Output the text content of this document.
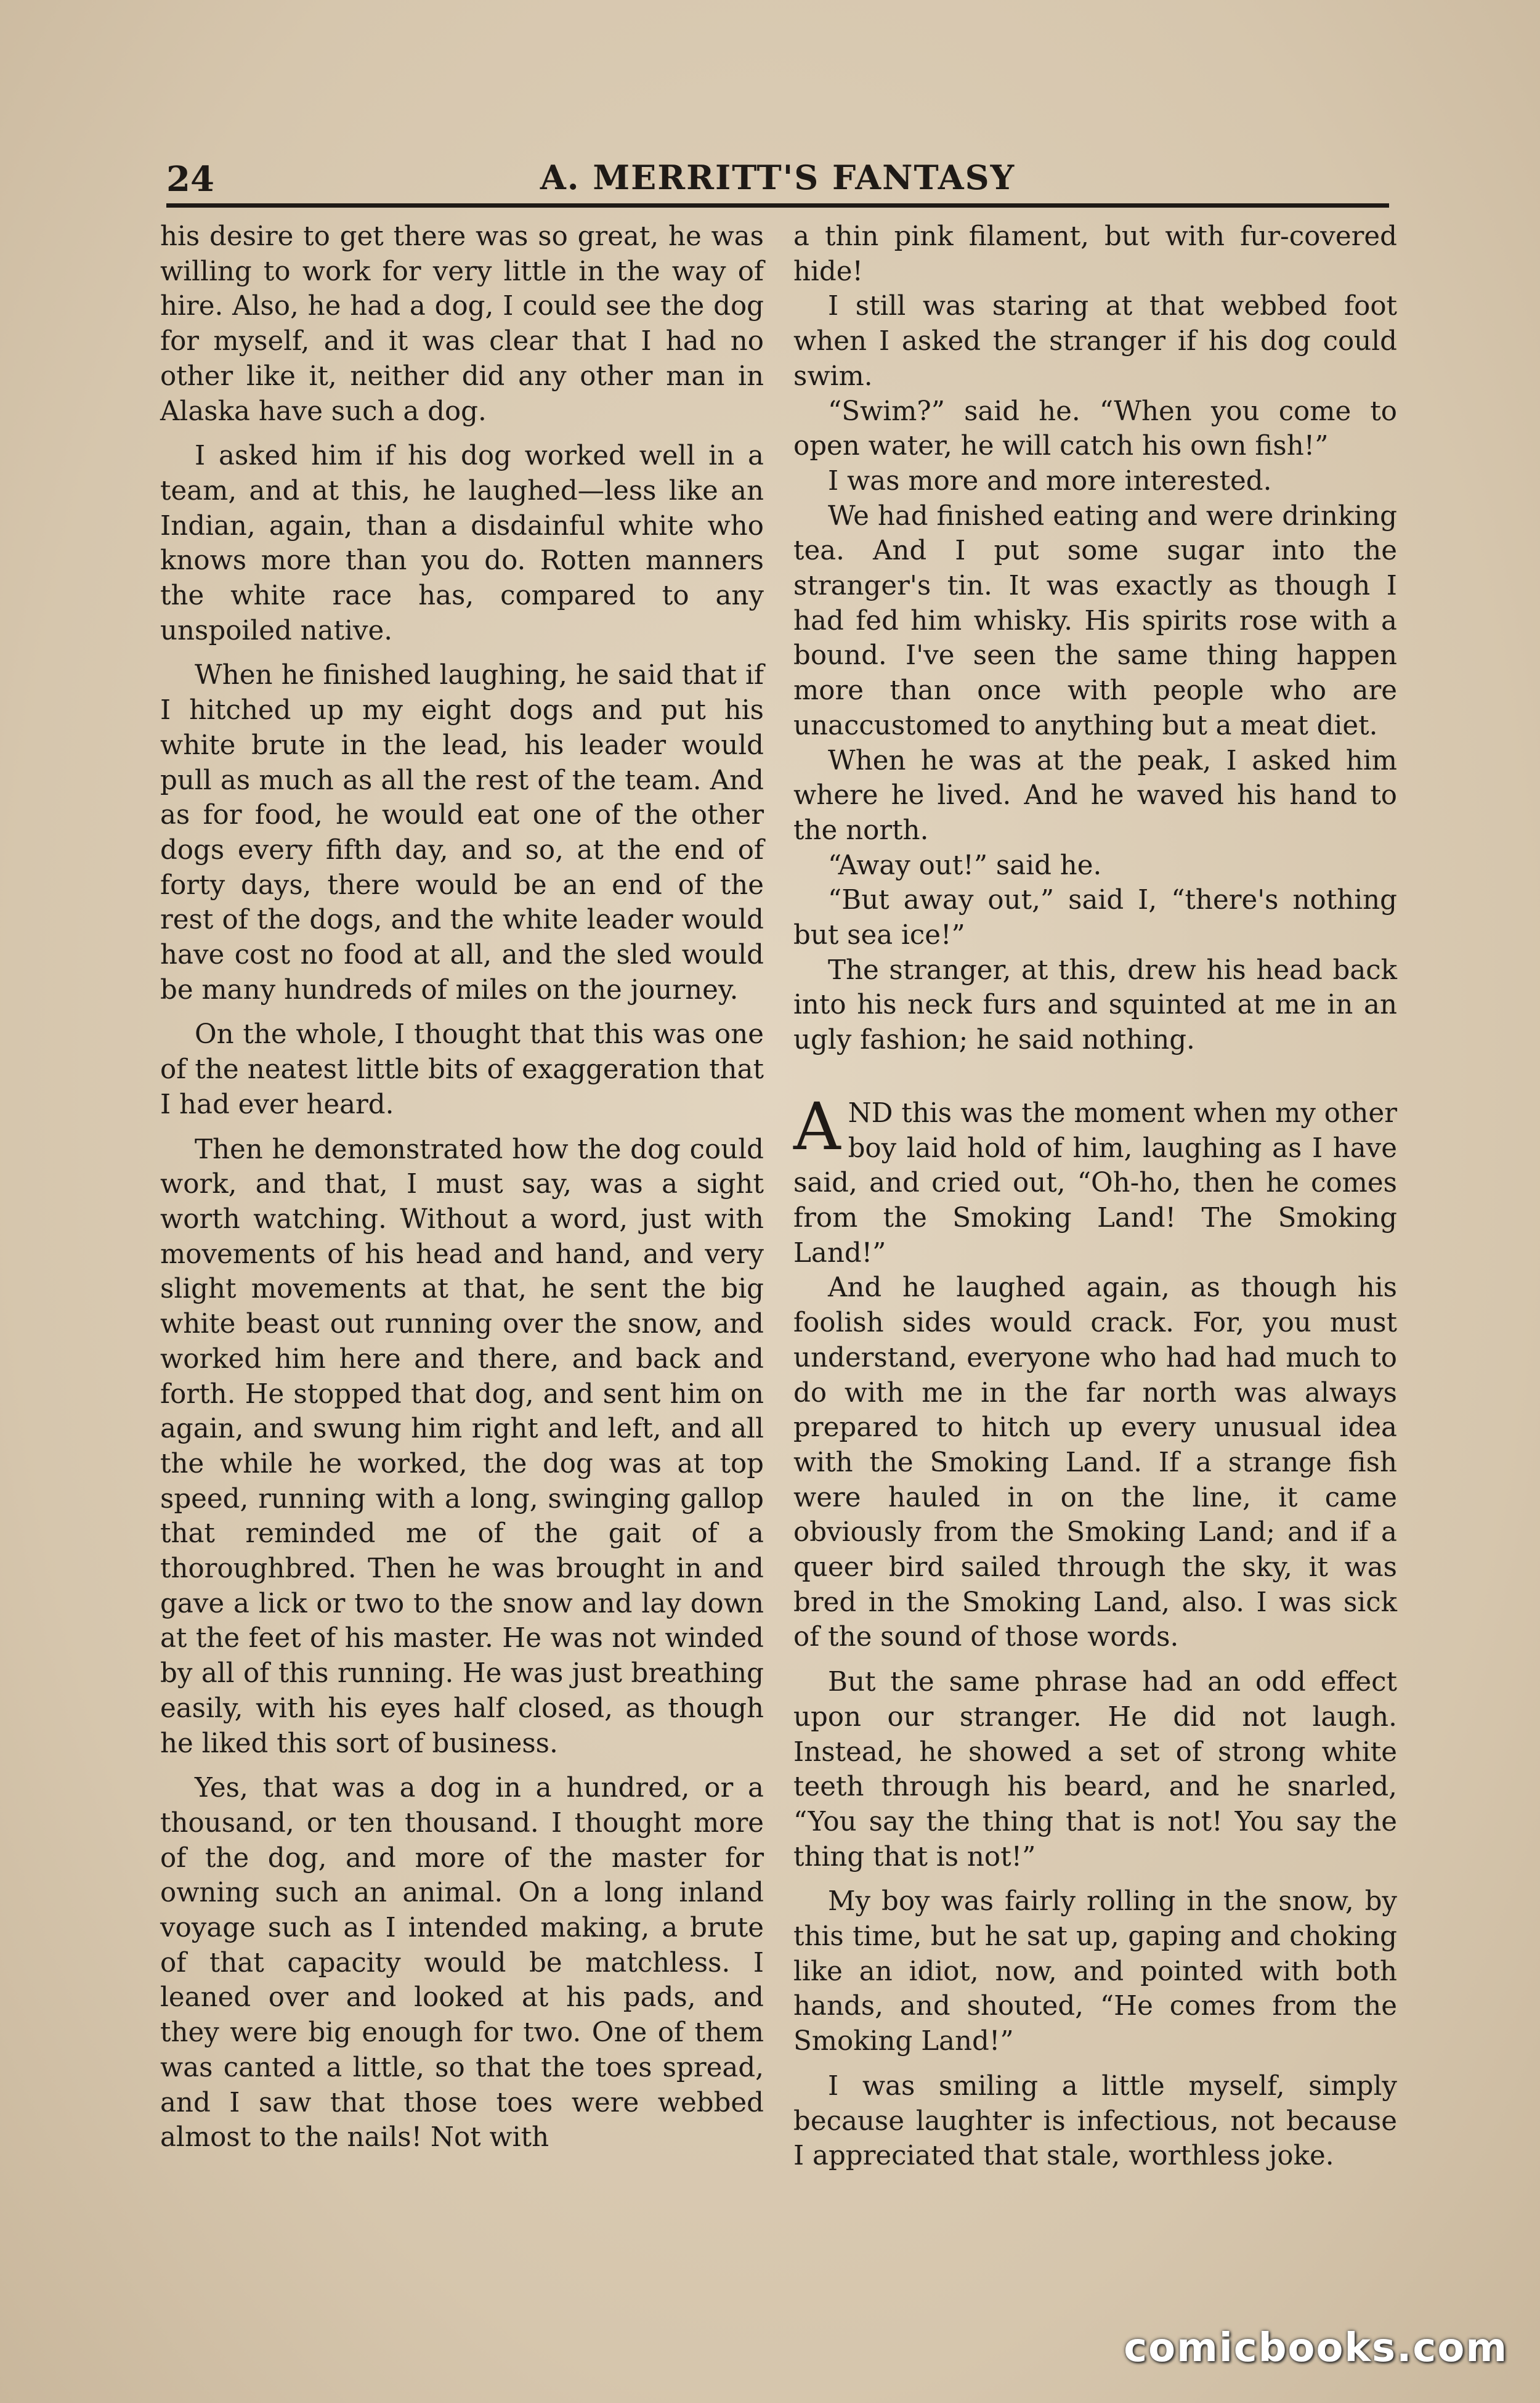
24	A. MERRITT'S FANTASY

his desire to get there was so great, he was willing to work for very little in the way of hire. Also, he had a dog, I could see the dog for myself, and it was clear that I had no other like it, neither did any other man in Alaska have such a dog.

I asked him if his dog worked well in a team, and at this, he laughed—less like an Indian, again, than a disdainful white who knows more than you do. Rotten manners the white race has, compared to any unspoiled native.

When he finished laughing, he said that if I hitched up my eight dogs and put his white brute in the lead, his leader would pull as much as all the rest of the team. And as for food, he would eat one of the other dogs every fifth day, and so, at the end of forty days, there would be an end of the rest of the dogs, and the white leader would have cost no food at all, and the sled would be many hundreds of miles on the journey.

On the whole, I thought that this was one of the neatest little bits of exaggeration that I had ever heard.

Then he demonstrated how the dog could work, and that, I must say, was a sight worth watching. Without a word, just with movements of his head and hand, and very slight movements at that, he sent the big white beast out running over the snow, and worked him here and there, and back and forth. He stopped that dog, and sent him on again, and swung him right and left, and all the while he worked, the dog was at top speed, running with a long, swinging gallop that reminded me of the gait of a thoroughbred. Then he was brought in and gave a lick or two to the snow and lay down at the feet of his master. He was not winded by all of this running. He was just breathing easily, with his eyes half closed, as though he liked this sort of business.

Yes, that was a dog in a hundred, or a thousand, or ten thousand. I thought more of the dog, and more of the master for owning such an animal. On a long inland voyage such as I intended making, a brute of that capacity would be matchless. I leaned over and looked at his pads, and they were big enough for two. One of them was canted a little, so that the toes spread, and I saw that those toes were webbed almost to the nails! Not with

a thin pink filament, but with fur-covered hide!

I still was staring at that webbed foot when I asked the stranger if his dog could swim.

“Swim?” said he. “When you come to open water, he will catch his own fish!”

I was more and more interested.

We had finished eating and were drinking tea. And I put some sugar into the stranger's tin. It was exactly as though I had fed him whisky. His spirits rose with a bound. I've seen the same thing happen more than once with people who are unaccustomed to anything but a meat diet.

When he was at the peak, I asked him where he lived. And he waved his hand to the north.

“Away out!” said he.

“But away out,” said I, “there's nothing but sea ice!”

The stranger, at this, drew his head back into his neck furs and squinted at me in an ugly fashion; he said nothing.

AND this was the moment when my other boy laid hold of him, laughing as I have said, and cried out, “Oh-ho, then he comes from the Smoking Land! The Smoking Land!”

And he laughed again, as though his foolish sides would crack. For, you must understand, everyone who had had much to do with me in the far north was always prepared to hitch up every unusual idea with the Smoking Land. If a strange fish were hauled in on the line, it came obviously from the Smoking Land; and if a queer bird sailed through the sky, it was bred in the Smoking Land, also. I was sick of the sound of those words.

But the same phrase had an odd effect upon our stranger. He did not laugh. Instead, he showed a set of strong white teeth through his beard, and he snarled, “You say the thing that is not! You say the thing that is not!”

My boy was fairly rolling in the snow, by this time, but he sat up, gaping and choking like an idiot, now, and pointed with both hands, and shouted, “He comes from the Smoking Land!”

I was smiling a little myself, simply because laughter is infectious, not because I appreciated that stale, worthless joke.

comicbooks.com
